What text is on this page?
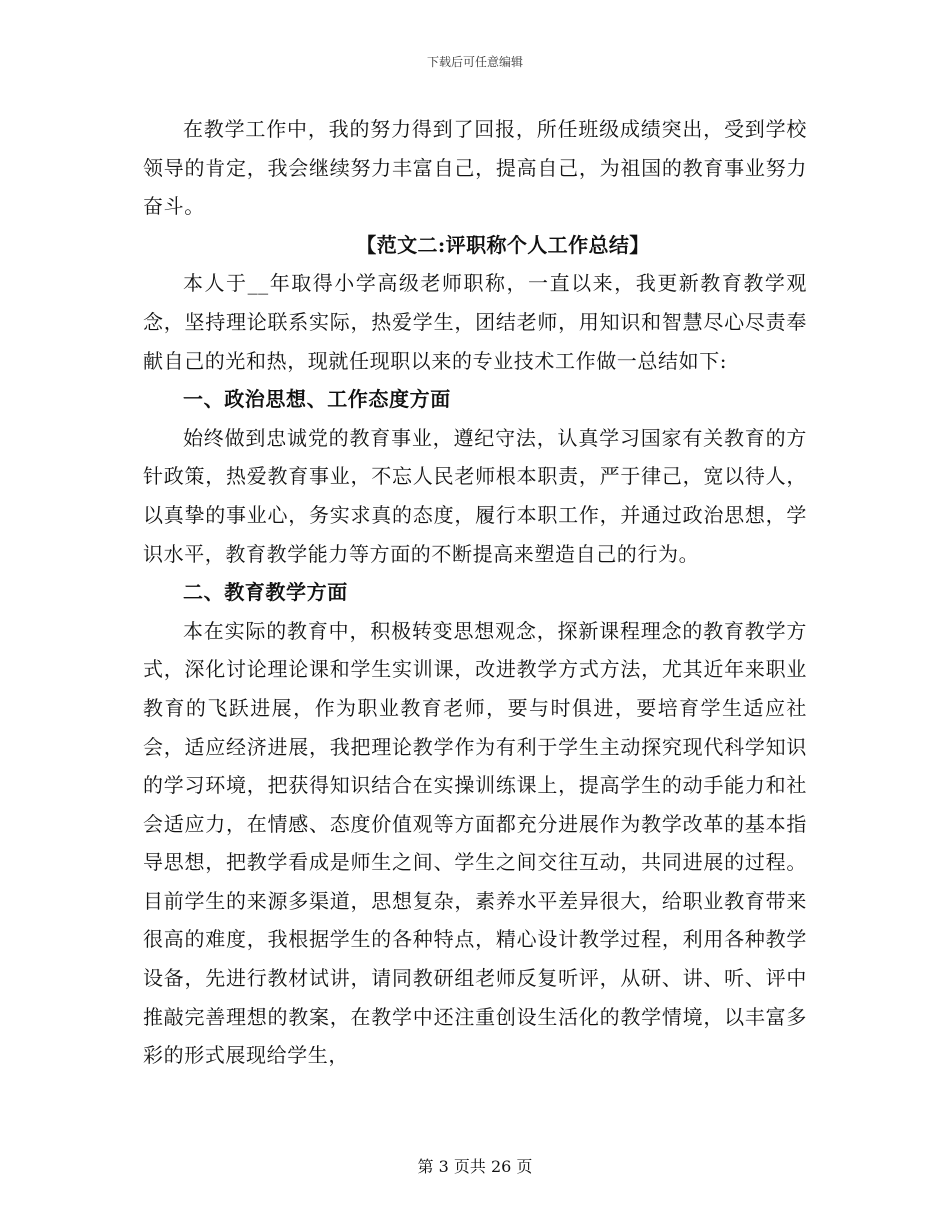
下载后可任意编辑

在教学工作中，我的努力得到了回报，所任班级成绩突出，受到学校领导的肯定，我会继续努力丰富自己，提高自己，为祖国的教育事业努力奋斗。

【范文二:评职称个人工作总结】

本人于__年取得小学高级老师职称，一直以来，我更新教育教学观念，坚持理论联系实际，热爱学生，团结老师，用知识和智慧尽心尽责奉献自己的光和热，现就任现职以来的专业技术工作做一总结如下:

一、政治思想、工作态度方面

始终做到忠诚党的教育事业，遵纪守法，认真学习国家有关教育的方针政策，热爱教育事业，不忘人民老师根本职责，严于律己，宽以待人，以真挚的事业心，务实求真的态度，履行本职工作，并通过政治思想，学识水平，教育教学能力等方面的不断提高来塑造自己的行为。

二、教育教学方面

本在实际的教育中，积极转变思想观念，探新课程理念的教育教学方式，深化讨论理论课和学生实训课，改进教学方式方法，尤其近年来职业教育的飞跃进展，作为职业教育老师，要与时俱进，要培育学生适应社会，适应经济进展，我把理论教学作为有利于学生主动探究现代科学知识的学习环境，把获得知识结合在实操训练课上，提高学生的动手能力和社会适应力，在情感、态度价值观等方面都充分进展作为教学改革的基本指导思想，把教学看成是师生之间、学生之间交往互动，共同进展的过程。目前学生的来源多渠道，思想复杂，素养水平差异很大，给职业教育带来很高的难度，我根据学生的各种特点，精心设计教学过程，利用各种教学设备，先进行教材试讲，请同教研组老师反复听评，从研、讲、听、评中推敲完善理想的教案，在教学中还注重创设生活化的教学情境，以丰富多彩的形式展现给学生，

第 3 页共 26 页
